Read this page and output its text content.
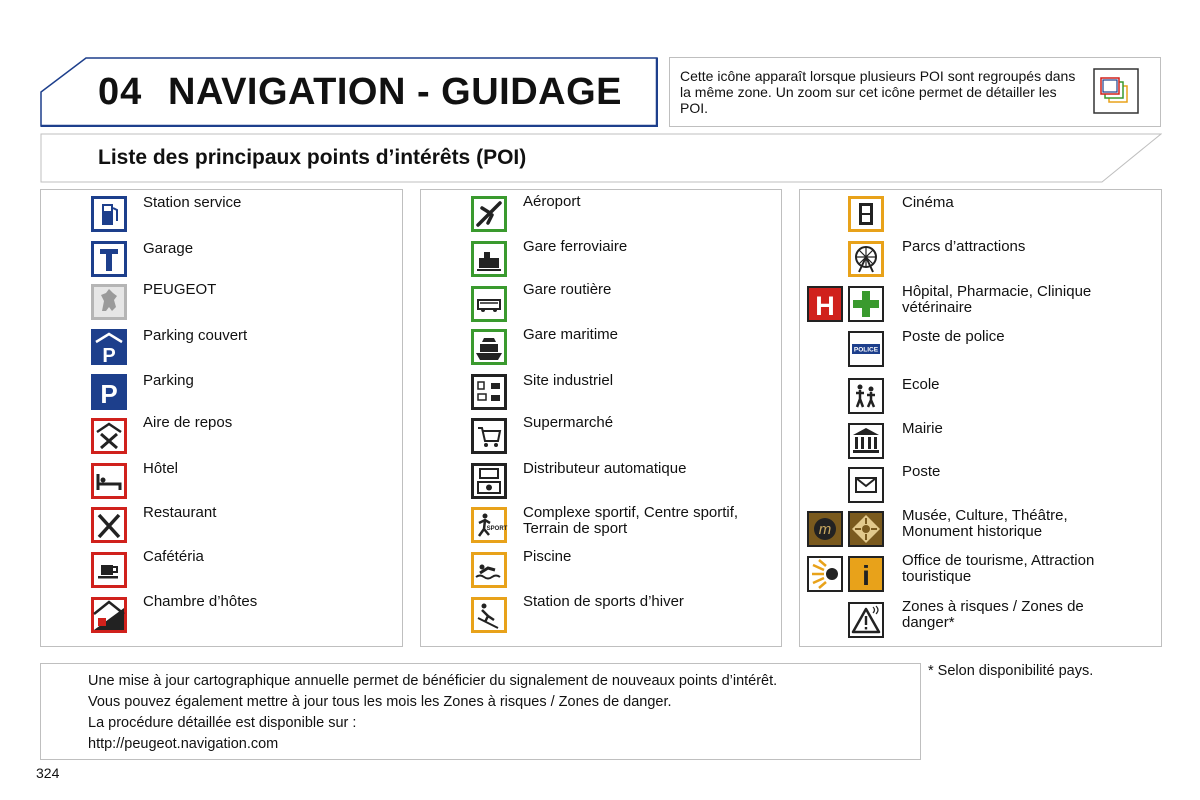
04 NAVIGATION - GUIDAGE	Cette icône apparaît lorsque plusieurs POI sont regroupés dans la même zone. Un zoom sur cet icône permet de détailler les POI.
Liste des principaux points d’intérêts (POI)
Station service
Garage
PEUGEOT
P
Parking couvert
P Parking
Aire de repos
Hôtel
Restaurant
Cafétéria
Chambre d’hôtes
Aéroport
Gare ferroviaire
Gare routière
Gare maritime
Site industriel
Supermarché
Distributeur automatique
SPORT
Complexe sportif, Centre sportif, Terrain de sport
Piscine
Station de sports d’hiver
Cinéma
Parcs d’attractions
H	Hôpital, Pharmacie, Clinique vétérinaire
POLICE
Poste de police
Ecole
Mairie
Poste
m
Musée, Culture, Théâtre, Monument historique
i Office de tourisme, Attraction touristique
Zones à risques / Zones de danger*
Une mise à jour cartographique annuelle permet de bénéficier du signalement de nouveaux points d’intérêt.
Vous pouvez également mettre à jour tous les mois les Zones à risques / Zones de danger.
La procédure détaillée est disponible sur :
http://peugeot.navigation.com
* Selon disponibilité pays.
324
